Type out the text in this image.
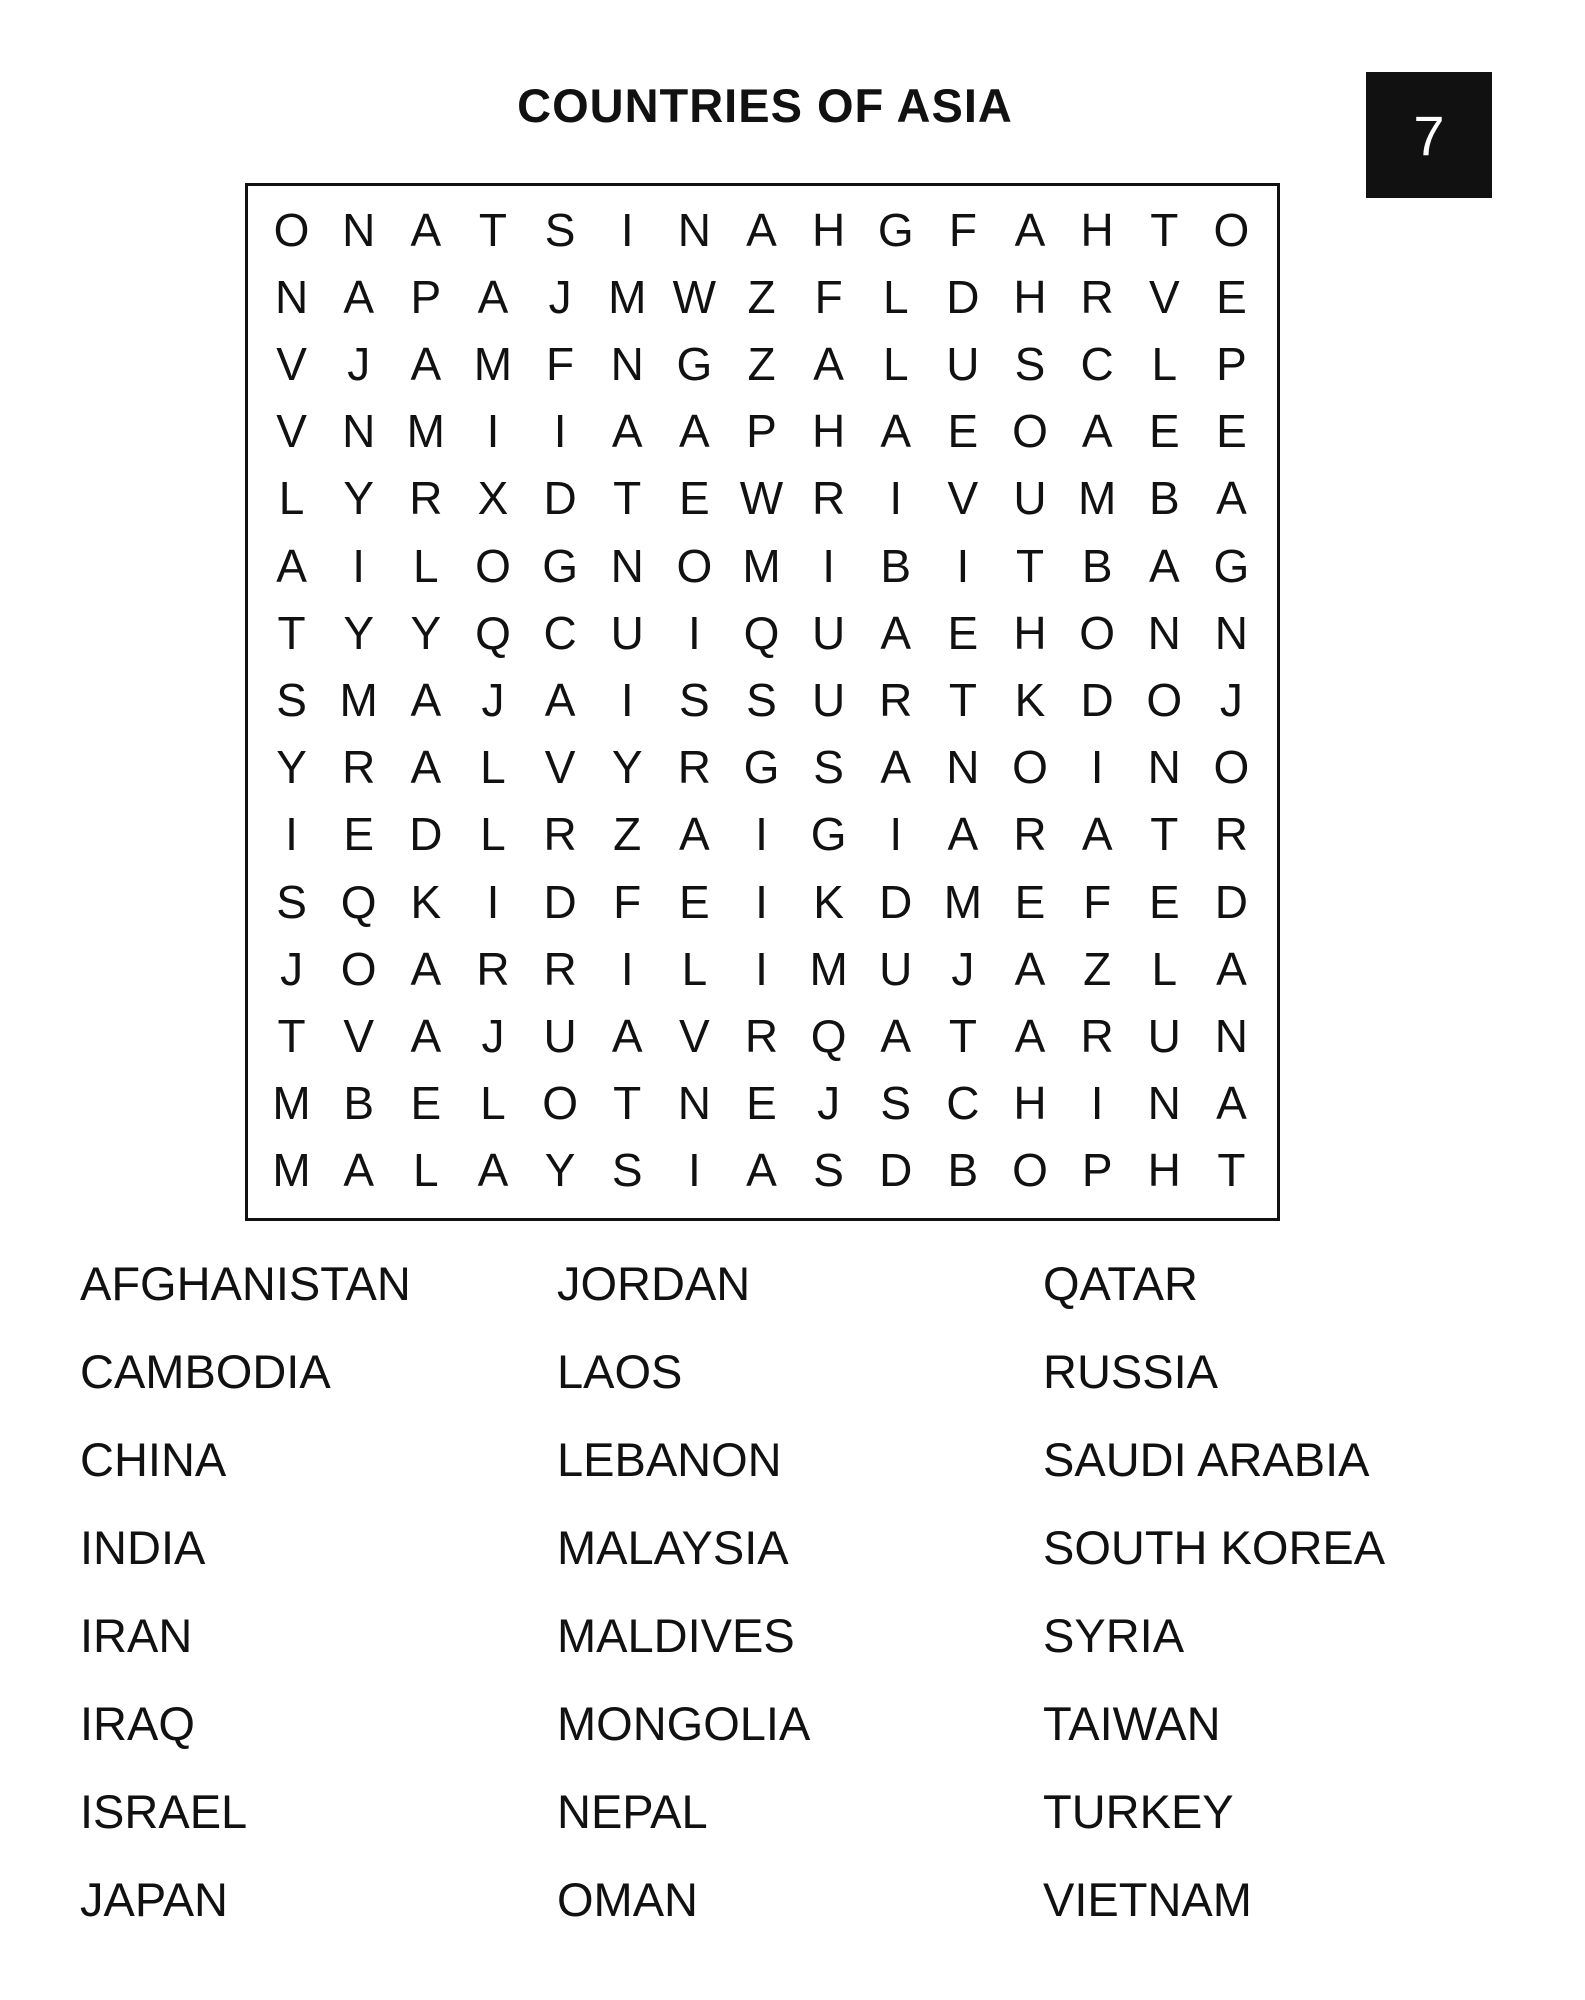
COUNTRIES OF ASIA	7
O N A T S I N A H G F A H T O
N A P A J M W Z F L D H R V E
V J A M F N G Z A L U S C L P
V N M I	I A A P H A E O A E E
L Y R X D T E W R I V U M B A
A I	L O G N O M I B I	T B A G
T Y Y Q C U I Q U A E H O N N
S M A J A I S S U R T K D O J
Y R A L V Y R G S A N O I N O
I E D L R Z A I G I A R A T R
S Q K I D F E I K D M E F E D
J O A R R I	L	I M U J A Z L A
T V A J U A V R Q A T A R U N
M B E L O T N E J S C H I N A
M A L A Y S I A S D B O P H T
AFGHANISTAN
CAMBODIA
CHINA
INDIA
IRAN
IRAQ
ISRAEL
JAPAN
JORDAN
LAOS
LEBANON
MALAYSIA
MALDIVES
MONGOLIA
NEPAL
OMAN
QATAR
RUSSIA
SAUDI ARABIA
SOUTH KOREA
SYRIA
TAIWAN
TURKEY
VIETNAM
